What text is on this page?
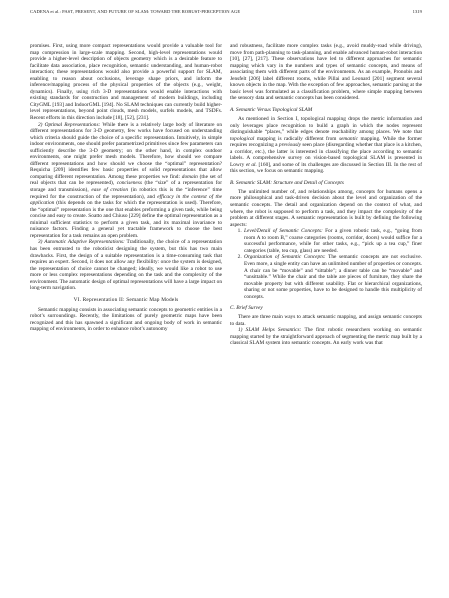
CADENA et al.: PAST, PRESENT, AND FUTURE OF SLAM: TOWARD THE ROBUST-PERCEPTION AGE	1319

promises. First, using more compact representations would provide a valuable tool for map compression in large-scale mapping. Second, high-level representations would provide a higher-level description of objects geometry which is a desirable feature to facilitate data association, place recognition, semantic understanding, and human-robot interaction; these representations would also provide a powerful support for SLAM, enabling to reason about occlusions, leverage shape priors, and inform the inference/mapping process of the physical properties of the objects (e.g., weight, dynamics). Finally, using rich 3-D representations would enable interactions with existing standards for construction and management of modern buildings, including CityGML [193] and IndoorGML [194]. No SLAM techniques can currently build higher-level representations, beyond point clouds, mesh models, surfels models, and TSDFs. Recent efforts in this direction include [18], [52], [231].

2) Optimal Representations: While there is a relatively large body of literature on different representations for 3-D geometry, few works have focused on understanding which criteria should guide the choice of a specific representation. Intuitively, in simple indoor environments, one should prefer parametrized primitives since few parameters can sufficiently describe the 3-D geometry; on the other hand, in complex outdoor environments, one might prefer mesh models. Therefore, how should we compare different representations and how should we choose the “optimal” representation? Requicha [209] identifies few basic properties of solid representations that allow comparing different representation. Among these properties we find: domain (the set of real objects that can be represented), conciseness (the “size” of a representation for storage and transmission), ease of creation (in robotics this is the “inference” time required for the construction of the representation), and efficacy in the context of the application (this depends on the tasks for which the representation is used). Therefore, the “optimal” representation is the one that enables preforming a given task, while being concise and easy to create. Soatto and Chiuso [229] define the optimal representation as a minimal sufficient statistics to perform a given task, and its maximal invariance to nuisance factors. Finding a general yet tractable framework to choose the best representation for a task remains an open problem.

3) Automatic Adaptive Representations: Traditionally, the choice of a representation has been entrusted to the roboticist designing the system, but this has two main drawbacks. First, the design of a suitable representation is a time-consuming task that requires an expert. Second, it does not allow any flexibility: once the system is designed, the representation of choice cannot be changed; ideally, we would like a robot to use more or less complex representations depending on the task and the complexity of the environment. The automatic design of optimal representations will have a large impact on long-term navigation.

VI. Representation II: Semantic Map Models

Semantic mapping consists in associating semantic concepts to geometric entities in a robot’s surroundings. Recently, the limitations of purely geometric maps have been recognized and this has spawned a significant and ongoing body of work in semantic mapping of environments, in order to enhance robot’s autonomy

and robustness, facilitate more complex tasks (e.g., avoid muddy-road while driving), move from path-planning to task-planning, and enable advanced human-robot interaction [10], [27], [217]. These observations have led to different approaches for semantic mapping which vary in the numbers and types of semantic concepts, and means of associating them with different parts of the environments. As an example, Pronobis and Jensfelt [206] label different rooms, while Pillai and Leonard [201] segment several known objects in the map. With the exception of few approaches, semantic parsing at the basic level was formulated as a classification problem, where simple mapping between the sensory data and semantic concepts has been considered.

A. Semantic Versus Topological SLAM

As mentioned in Section I, topological mapping drops the metric information and only leverages place recognition to build a graph in which the nodes represent distinguishable “places,” while edges denote reachability among places. We note that topological mapping is radically different from semantic mapping. While the former requires recognizing a previously seen place (disregarding whether that place is a kitchen, a corridor, etc.), the latter is interested in classifying the place according to semantic labels. A comprehensive survey on vision-based topological SLAM is presented in Lowry et al. [160], and some of its challenges are discussed in Section III. In the rest of this section, we focus on semantic mapping.

B. Semantic SLAM: Structure and Detail of Concepts

The unlimited number of, and relationships among, concepts for humans opens a more philosophical and task-driven decision about the level and organization of the semantic concepts. The detail and organization depend on the context of what, and where, the robot is supposed to perform a task, and they impact the complexity of the problem at different stages. A semantic representation is built by defining the following aspects:

1. Level/Detail of Semantic Concepts: For a given robotic task, e.g., “going from room A to room B,” coarse categories (rooms, corridor, doors) would suffice for a successful performance, while for other tasks, e.g., “pick up a tea cup,” finer categories (table, tea cup, glass) are needed.
2. Organization of Semantic Concepts: The semantic concepts are not exclusive. Even more, a single entity can have an unlimited number of properties or concepts. A chair can be “movable” and “sittable”; a dinner table can be “movable” and “unsittable.” While the chair and the table are pieces of furniture, they share the movable property but with different usability. Flat or hierarchical organizations, sharing or not some properties, have to be designed to handle this multiplicity of concepts.
C. Brief Survey

There are three main ways to attack semantic mapping, and assign semantic concepts to data.

1) SLAM Helps Semantics: The first robotic researchers working on semantic mapping started by the straightforward approach of segmenting the metric map built by a classical SLAM system into semantic concepts. An early work was that
